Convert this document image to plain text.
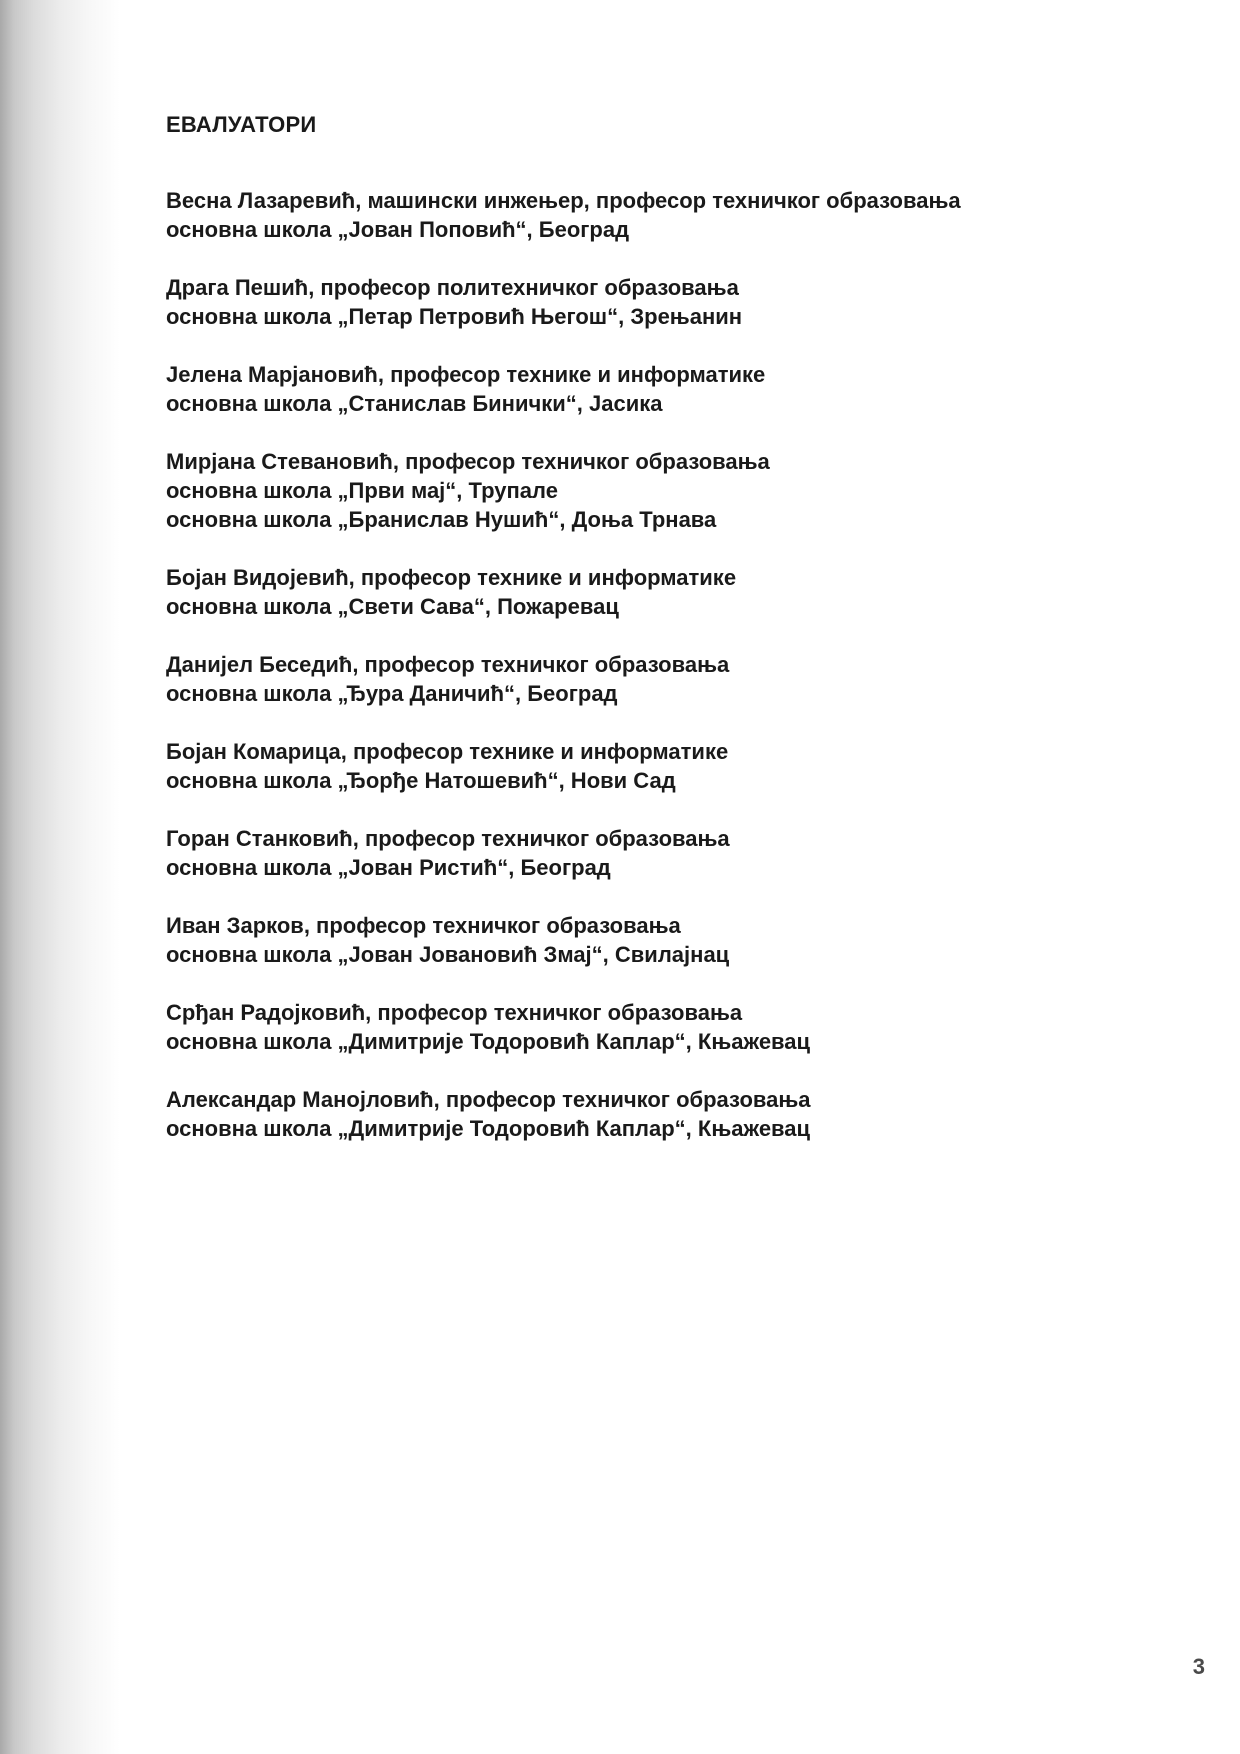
ЕВАЛУАТОРИ
Весна Лазаревић, машински инжењер, професор техничког образовања
основна школа „Јован Поповић“, Београд
Драга Пешић, професор политехничког образовања
основна школа „Петар Петровић Његош“, Зрењанин
Јелена Марјановић, професор технике и информатике
основна школа „Станислав Бинички“, Јасика
Мирјана Стевановић, професор техничког образовања
основна школа „Први мај“, Трупале
основна школа „Бранислав Нушић“, Доња Трнава
Бојан Видојевић, професор технике и информатике
основна школа „Свети Сава“, Пожаревац
Данијел Беседић, професор техничког образовања
основна школа „Ђура Даничић“, Београд
Бојан Комарица, професор технике и информатике
основна школа „Ђорђе Натошевић“, Нови Сад
Горан Станковић, професор техничког образовања
основна школа „Јован Ристић“, Београд
Иван Зарков, професор техничког образовања
основна школа „Јован Јовановић Змај“, Свилајнац
Срђан Радојковић, професор техничког образовања
основна школа „Димитрије Тодоровић Каплар“, Књажевац
Александар Манојловић, професор техничког образовања
основна школа „Димитрије Тодоровић Каплар“, Књажевац
3
